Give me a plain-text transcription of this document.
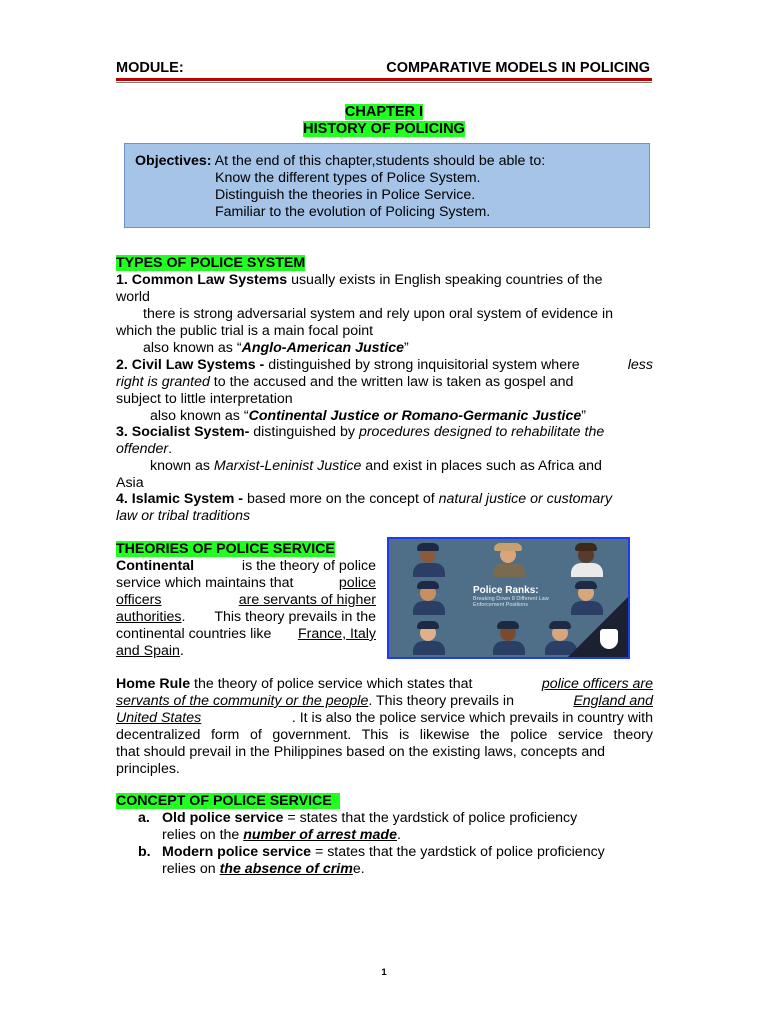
MODULE:	COMPARATIVE MODELS IN POLICING
CHAPTER I
HISTORY OF POLICING
Objectives: At the end of this chapter,students should be able to:
Know the different types of Police System.
Distinguish the theories in Police Service.
Familiar to the evolution of Policing System.
TYPES OF POLICE SYSTEM
1. Common Law Systems usually exists in English speaking countries of the
world
there is strong adversarial system and rely upon oral system of evidence in
which the public trial is a main focal point
also known as “Anglo-American Justice”
2. Civil Law Systems - distinguished by strong inquisitorial system where	less
right is granted to the accused and the written law is taken as gospel and
subject to little interpretation
also known as “Continental Justice or Romano-Germanic Justice”
3. Socialist System- distinguished by procedures designed to rehabilitate the
offender.
known as Marxist-Leninist Justice and exist in places such as Africa and
Asia
4. Islamic System - based more on the concept of natural justice or customary
law or tribal traditions
THEORIES OF POLICE SERVICE
Continental	is the theory of police
service which maintains that	police
officers	are servants of higher
authorities. This theory prevails in the
continental countries like France, Italy
and Spain.
Police Ranks:
Breaking Down 8 Different Law Enforcement Positions
Home Rule the theory of police service which states that	police officers are
servants of the community or the people. This theory prevails in	England and
United States	. It is also the police service which prevails in country with
decentralized form of government. This is likewise the police service theory
that should prevail in the Philippines based on the existing laws, concepts and
principles.
CONCEPT OF POLICE SERVICE
a. Old police service = states that the yardstick of police proficiency
relies on the number of arrest made.
b. Modern police service = states that the yardstick of police proficiency
relies on the absence of crime.
1
